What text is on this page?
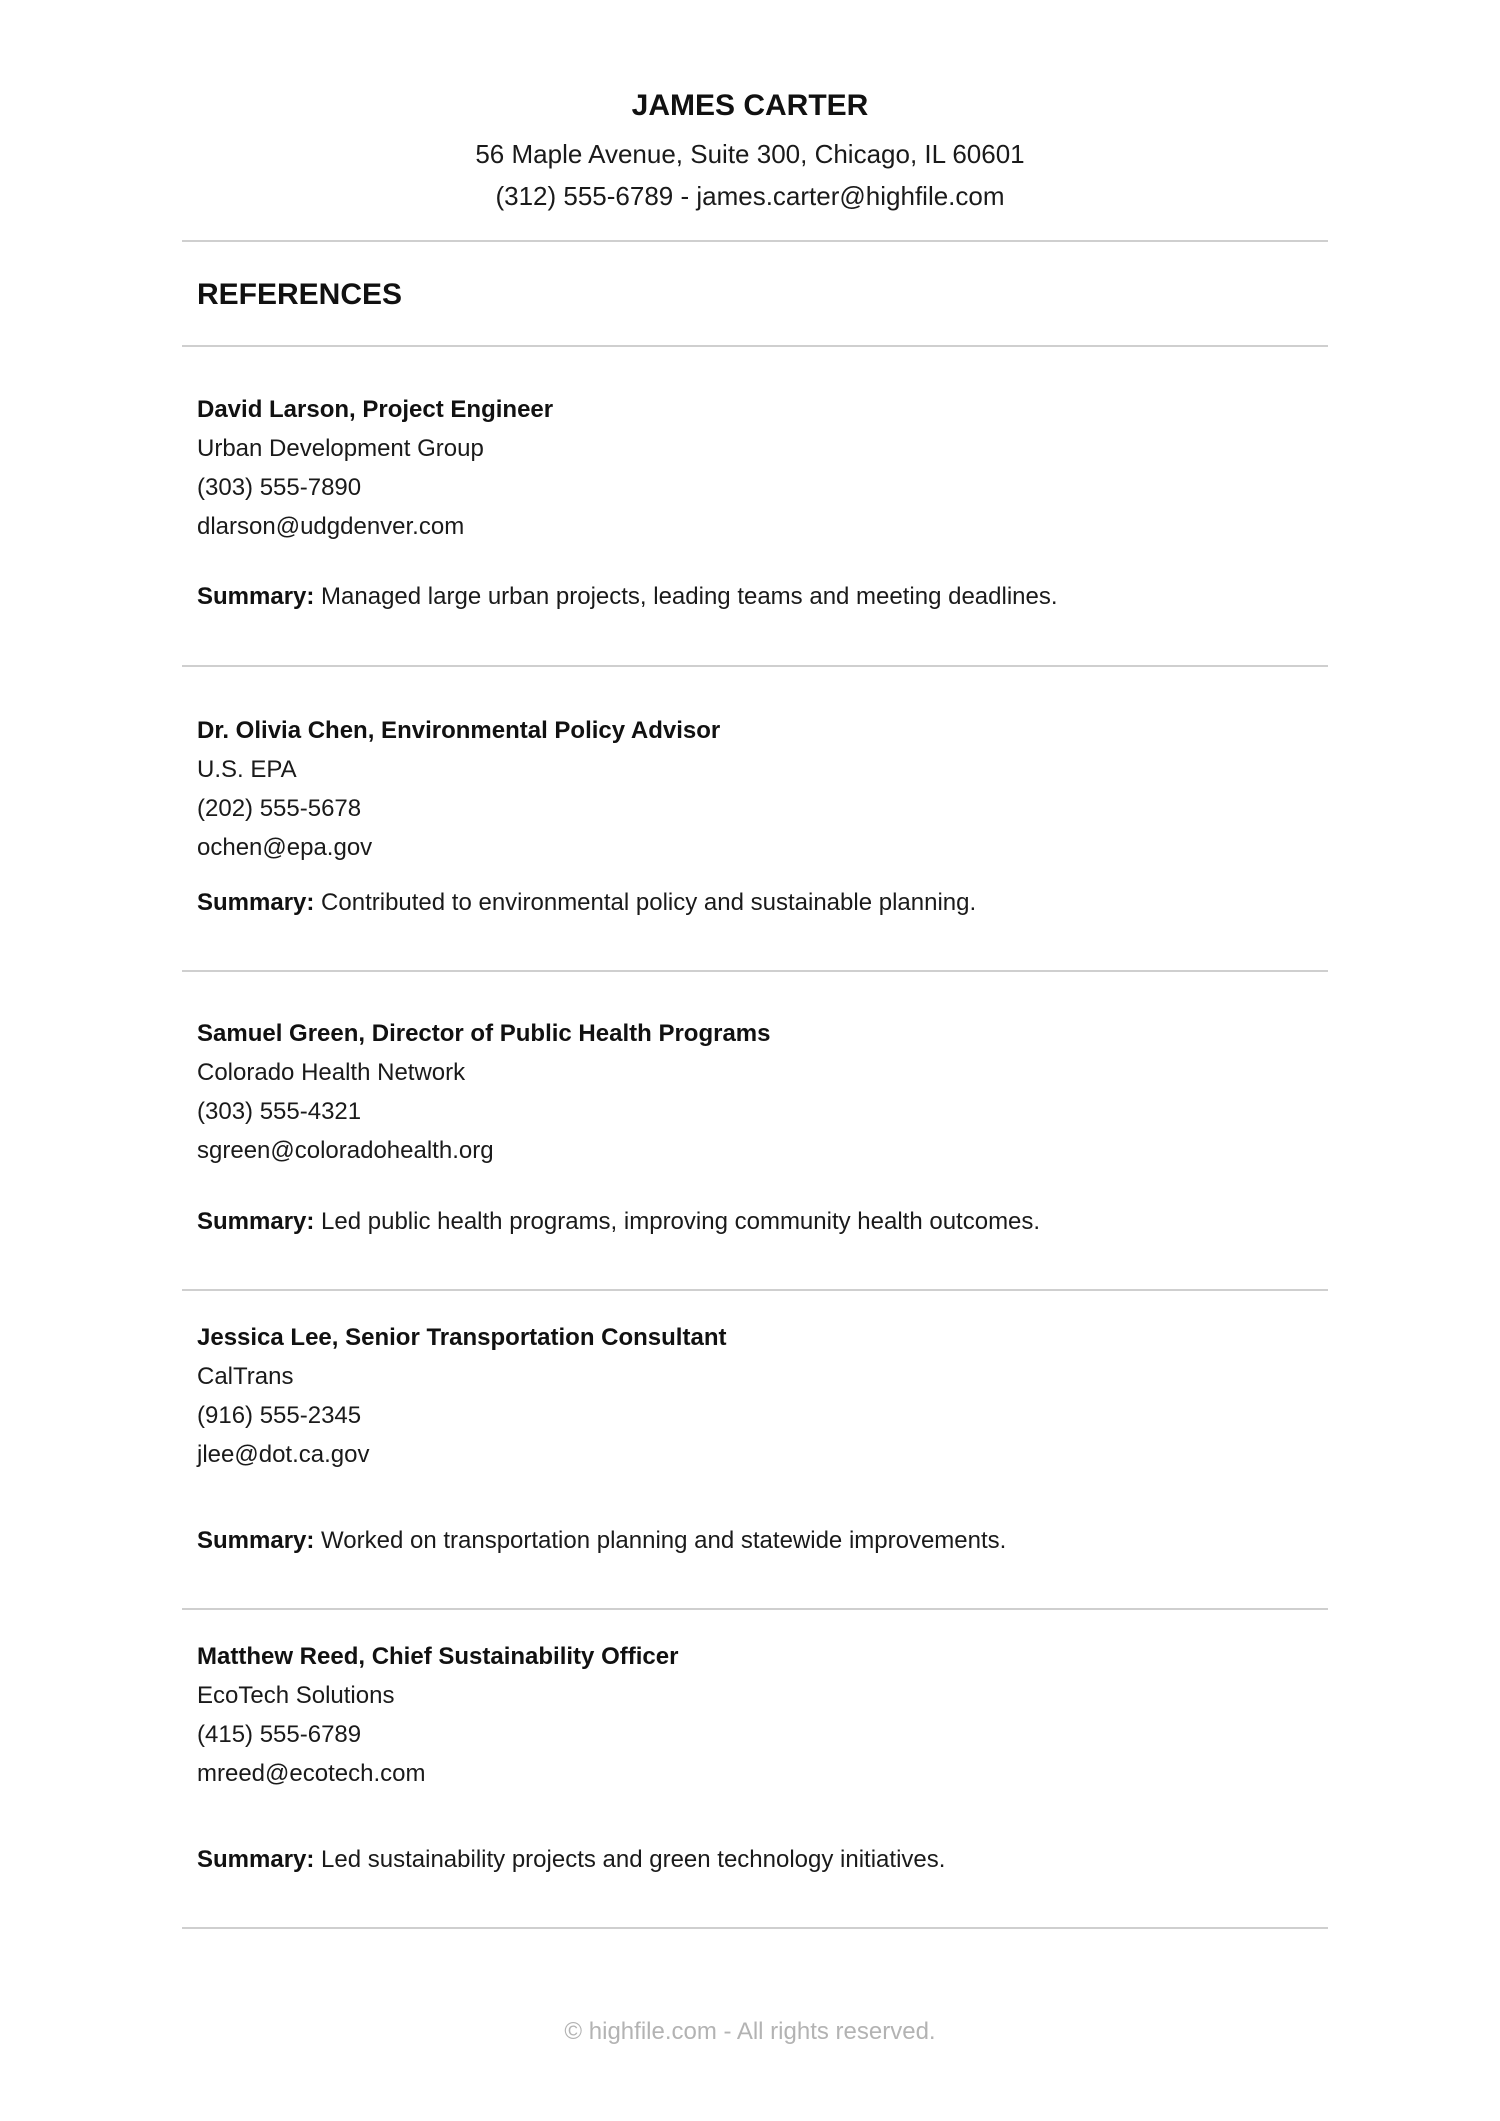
JAMES CARTER

56 Maple Avenue, Suite 300, Chicago, IL 60601

(312) 555-6789 - james.carter@highfile.com

REFERENCES

David Larson, Project Engineer

Urban Development Group

(303) 555-7890

dlarson@udgdenver.com

Summary: Managed large urban projects, leading teams and meeting deadlines.

Dr. Olivia Chen, Environmental Policy Advisor

U.S. EPA

(202) 555-5678

ochen@epa.gov

Summary: Contributed to environmental policy and sustainable planning.

Samuel Green, Director of Public Health Programs

Colorado Health Network

(303) 555-4321

sgreen@coloradohealth.org

Summary: Led public health programs, improving community health outcomes.

Jessica Lee, Senior Transportation Consultant

CalTrans

(916) 555-2345

jlee@dot.ca.gov

Summary: Worked on transportation planning and statewide improvements.

Matthew Reed, Chief Sustainability Officer

EcoTech Solutions

(415) 555-6789

mreed@ecotech.com

Summary: Led sustainability projects and green technology initiatives.

© highfile.com - All rights reserved.
